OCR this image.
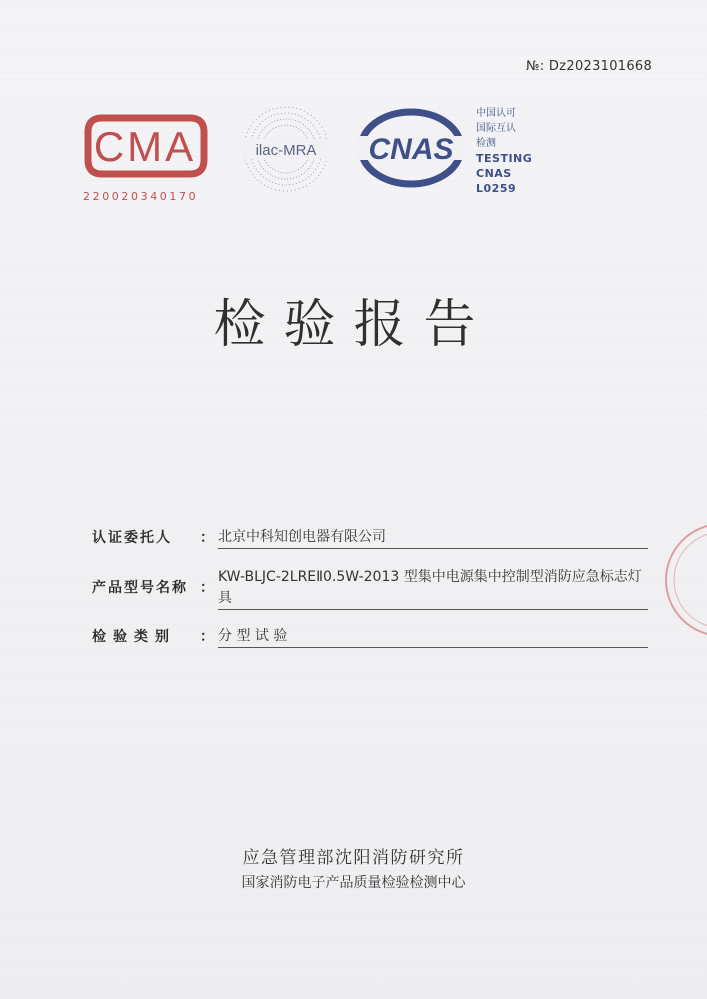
№: Dz2023101668
CMA
220020340170
ilac-MRA CNAS
中国认可
国际互认
检测
TESTING
CNAS L0259
检验报告
认证委托人 ： 北京中科知创电器有限公司
产品型号名称 ：
KW-BLJC-2LREⅡ0.5W-2013 型集中电源集中控制型消防应急标志灯具
检验类别 ： 分 型 试 验
应急管理部沈阳消防研究所
国家消防电子产品质量检验检测中心
